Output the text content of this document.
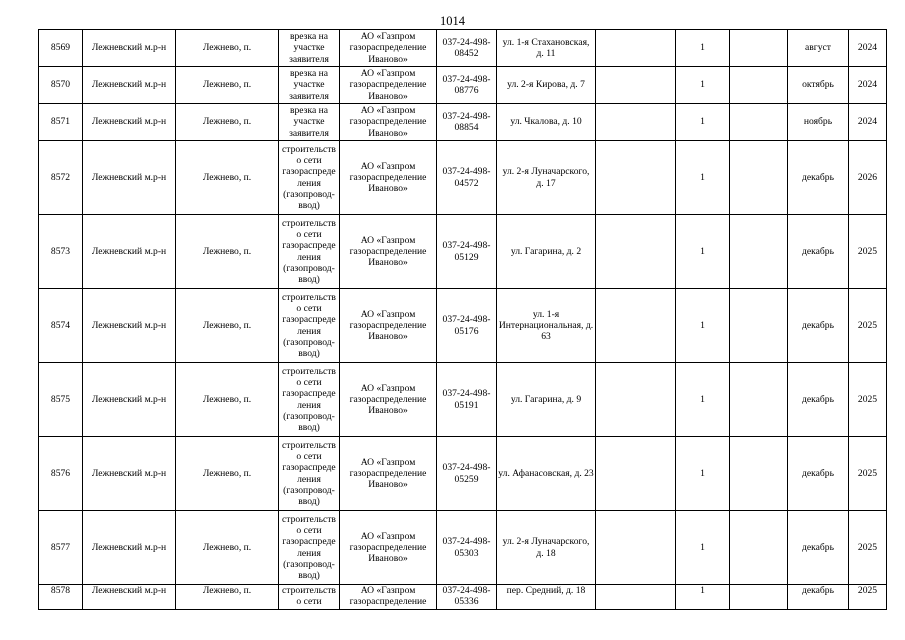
1014
8569	Лежневский м.р-н	Лежнево, п.	врезка на участке заявителя	АО «Газпром газораспределение Иваново»	037-24-498-08452	ул. 1-я Стахановская, д. 11		1		август	2024
8570	Лежневский м.р-н	Лежнево, п.	врезка на участке заявителя	АО «Газпром газораспределение Иваново»	037-24-498-08776	ул. 2-я Кирова, д. 7		1		октябрь	2024
8571	Лежневский м.р-н	Лежнево, п.	врезка на участке заявителя	АО «Газпром газораспределение Иваново»	037-24-498-08854	ул. Чкалова, д. 10		1		ноябрь	2024
8572	Лежневский м.р-н	Лежнево, п.	строительство сети газораспределения (газопровод-ввод)	АО «Газпром газораспределение Иваново»	037-24-498-04572	ул. 2-я Луначарского, д. 17		1		декабрь	2026
8573	Лежневский м.р-н	Лежнево, п.	строительство сети газораспределения (газопровод-ввод)	АО «Газпром газораспределение Иваново»	037-24-498-05129	ул. Гагарина, д. 2		1		декабрь	2025
8574	Лежневский м.р-н	Лежнево, п.	строительство сети газораспределения (газопровод-ввод)	АО «Газпром газораспределение Иваново»	037-24-498-05176	ул. 1-я Интернациональная, д. 63		1		декабрь	2025
8575	Лежневский м.р-н	Лежнево, п.	строительство сети газораспределения (газопровод-ввод)	АО «Газпром газораспределение Иваново»	037-24-498-05191	ул. Гагарина, д. 9		1		декабрь	2025
8576	Лежневский м.р-н	Лежнево, п.	строительство сети газораспределения (газопровод-ввод)	АО «Газпром газораспределение Иваново»	037-24-498-05259	ул. Афанасовская, д. 23		1		декабрь	2025
8577	Лежневский м.р-н	Лежнево, п.	строительство сети газораспределения (газопровод-ввод)	АО «Газпром газораспределение Иваново»	037-24-498-05303	ул. 2-я Луначарского, д. 18		1		декабрь	2025

8578	Лежневский м.р-н	Лежнево, п.	строительство сети	АО «Газпром газораспределение	037-24-498-05336	пер. Средний, д. 18		1		декабрь	2025
